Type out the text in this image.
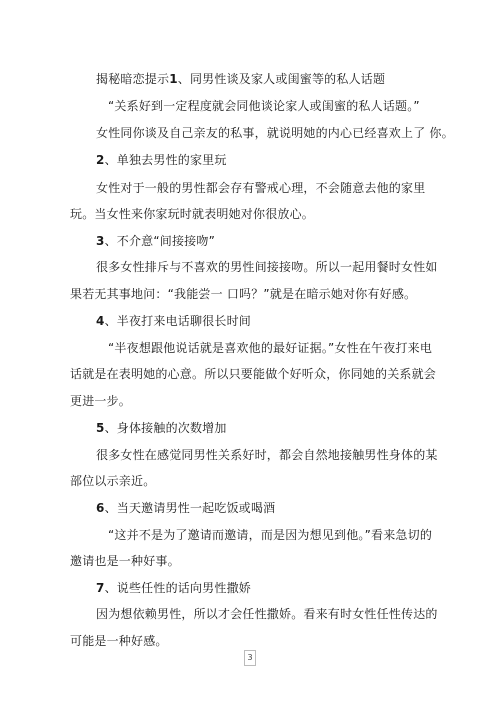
揭秘暗恋提示1、同男性谈及家人或闺蜜等的私人话题
“关系好到一定程度就会同他谈论家人或闺蜜的私人话题。”
女性同你谈及自己亲友的私事，就说明她的内心已经喜欢上了 你。
2、单独去男性的家里玩
女性对于一般的男性都会存有警戒心理，不会随意去他的家里
玩。当女性来你家玩时就表明她对你很放心。
3、不介意“间接接吻”
很多女性排斥与不喜欢的男性间接接吻。所以一起用餐时女性如
果若无其事地问：“我能尝一 口吗？”就是在暗示她对你有好感。
4、半夜打来电话聊很长时间
“半夜想跟他说话就是喜欢他的最好证据。”女性在午夜打来电
话就是在表明她的心意。所以只要能做个好听众，你同她的关系就会
更进一步。
5、身体接触的次数增加
很多女性在感觉同男性关系好时，都会自然地接触男性身体的某
部位以示亲近。
6、当天邀请男性一起吃饭或喝酒
“这并不是为了邀请而邀请，而是因为想见到他。”看来急切的
邀请也是一种好事。
7、说些任性的话向男性撒娇
因为想依赖男性，所以才会任性撒娇。看来有时女性任性传达的
可能是一种好感。
3
